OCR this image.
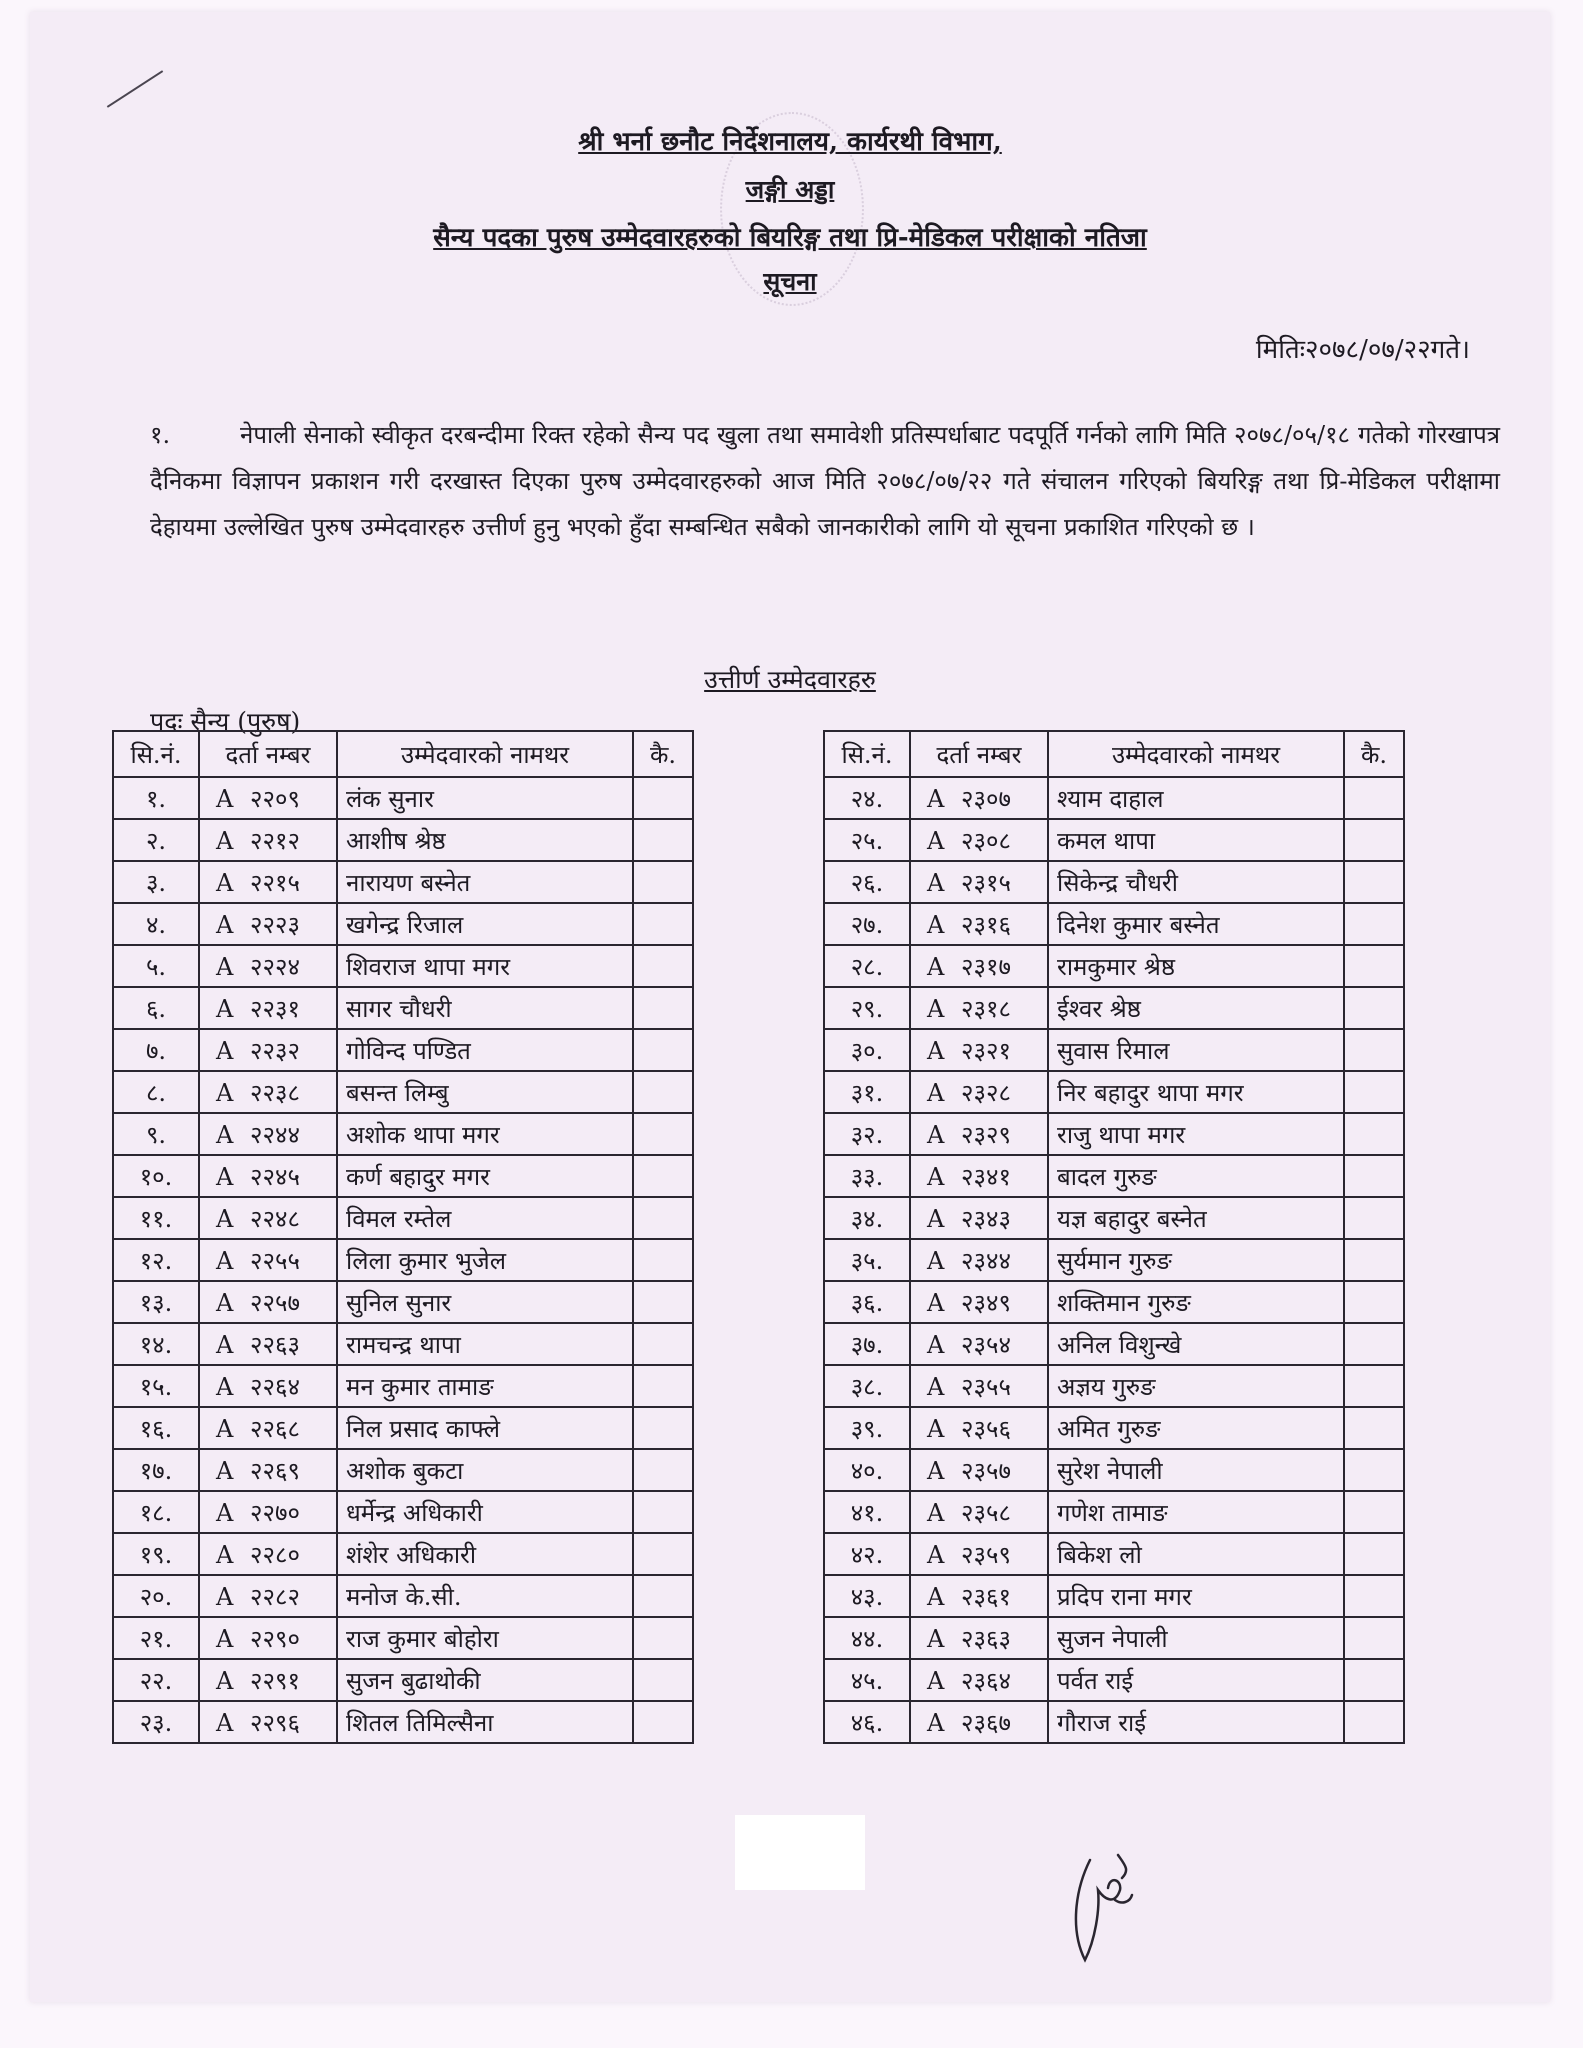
श्री भर्ना छनौट निर्देशनालय, कार्यरथी विभाग,
जङ्गी अड्डा
सैन्य पदका पुरुष उम्मेदवारहरुको बियरिङ्ग तथा प्रि-मेडिकल परीक्षाको नतिजा
सूचना
मितिः२०७८/०७/२२गते।
१.	नेपाली सेनाको स्वीकृत दरबन्दीमा रिक्त रहेको सैन्य पद खुला तथा समावेशी प्रतिस्पर्धाबाट पदपूर्ति गर्नको लागि मिति २०७८/०५/१८ गतेको गोरखापत्र दैनिकमा विज्ञापन प्रकाशन गरी दरखास्त दिएका पुरुष उम्मेदवारहरुको आज मिति २०७८/०७/२२ गते संचालन गरिएको बियरिङ्ग तथा प्रि-मेडिकल परीक्षामा देहायमा उल्लेखित पुरुष उम्मेदवारहरु उत्तीर्ण हुनु भएको हुँदा सम्बन्धित सबैको जानकारीको लागि यो सूचना प्रकाशित गरिएको छ ।
उत्तीर्ण उम्मेदवारहरु
पदः सैन्य (पुरुष)
सि.नं.	दर्ता नम्बर	उम्मेदवारको नामथर	कै.
१.	A २२०९	लंक सुनार	
२.	A २२१२	आशीष श्रेष्ठ	
३.	A २२१५	नारायण बस्नेत	
४.	A २२२३	खगेन्द्र रिजाल	
५.	A २२२४	शिवराज थापा मगर	
६.	A २२३१	सागर चौधरी	
७.	A २२३२	गोविन्द पण्डित	
८.	A २२३८	बसन्त लिम्बु	
९.	A २२४४	अशोक थापा मगर	
१०.	A २२४५	कर्ण बहादुर मगर	
११.	A २२४८	विमल रम्तेल	
१२.	A २२५५	लिला कुमार भुजेल	
१३.	A २२५७	सुनिल सुनार	
१४.	A २२६३	रामचन्द्र थापा	
१५.	A २२६४	मन कुमार तामाङ	
१६.	A २२६८	निल प्रसाद काफ्ले	
१७.	A २२६९	अशोक बुकटा	
१८.	A २२७०	धर्मेन्द्र अधिकारी	
१९.	A २२८०	शंशेर अधिकारी	
२०.	A २२८२	मनोज के.सी.	
२१.	A २२९०	राज कुमार बोहोरा	
२२.	A २२९१	सुजन बुढाथोकी	
२३.	A २२९६	शितल तिमिल्सैना	
सि.नं.	दर्ता नम्बर	उम्मेदवारको नामथर	कै.
२४.	A २३०७	श्याम दाहाल	
२५.	A २३०८	कमल थापा	
२६.	A २३१५	सिकेन्द्र चौधरी	
२७.	A २३१६	दिनेश कुमार बस्नेत	
२८.	A २३१७	रामकुमार श्रेष्ठ	
२९.	A २३१८	ईश्वर श्रेष्ठ	
३०.	A २३२१	सुवास रिमाल	
३१.	A २३२८	निर बहादुर थापा मगर	
३२.	A २३२९	राजु थापा मगर	
३३.	A २३४१	बादल गुरुङ	
३४.	A २३४३	यज्ञ बहादुर बस्नेत	
३५.	A २३४४	सुर्यमान गुरुङ	
३६.	A २३४९	शक्तिमान गुरुङ	
३७.	A २३५४	अनिल विशुन्खे	
३८.	A २३५५	अज्ञय गुरुङ	
३९.	A २३५६	अमित गुरुङ	
४०.	A २३५७	सुरेश नेपाली	
४१.	A २३५८	गणेश तामाङ	
४२.	A २३५९	बिकेश लो	
४३.	A २३६१	प्रदिप राना मगर	
४४.	A २३६३	सुजन नेपाली	
४५.	A २३६४	पर्वत राई	
४६.	A २३६७	गौराज राई	
